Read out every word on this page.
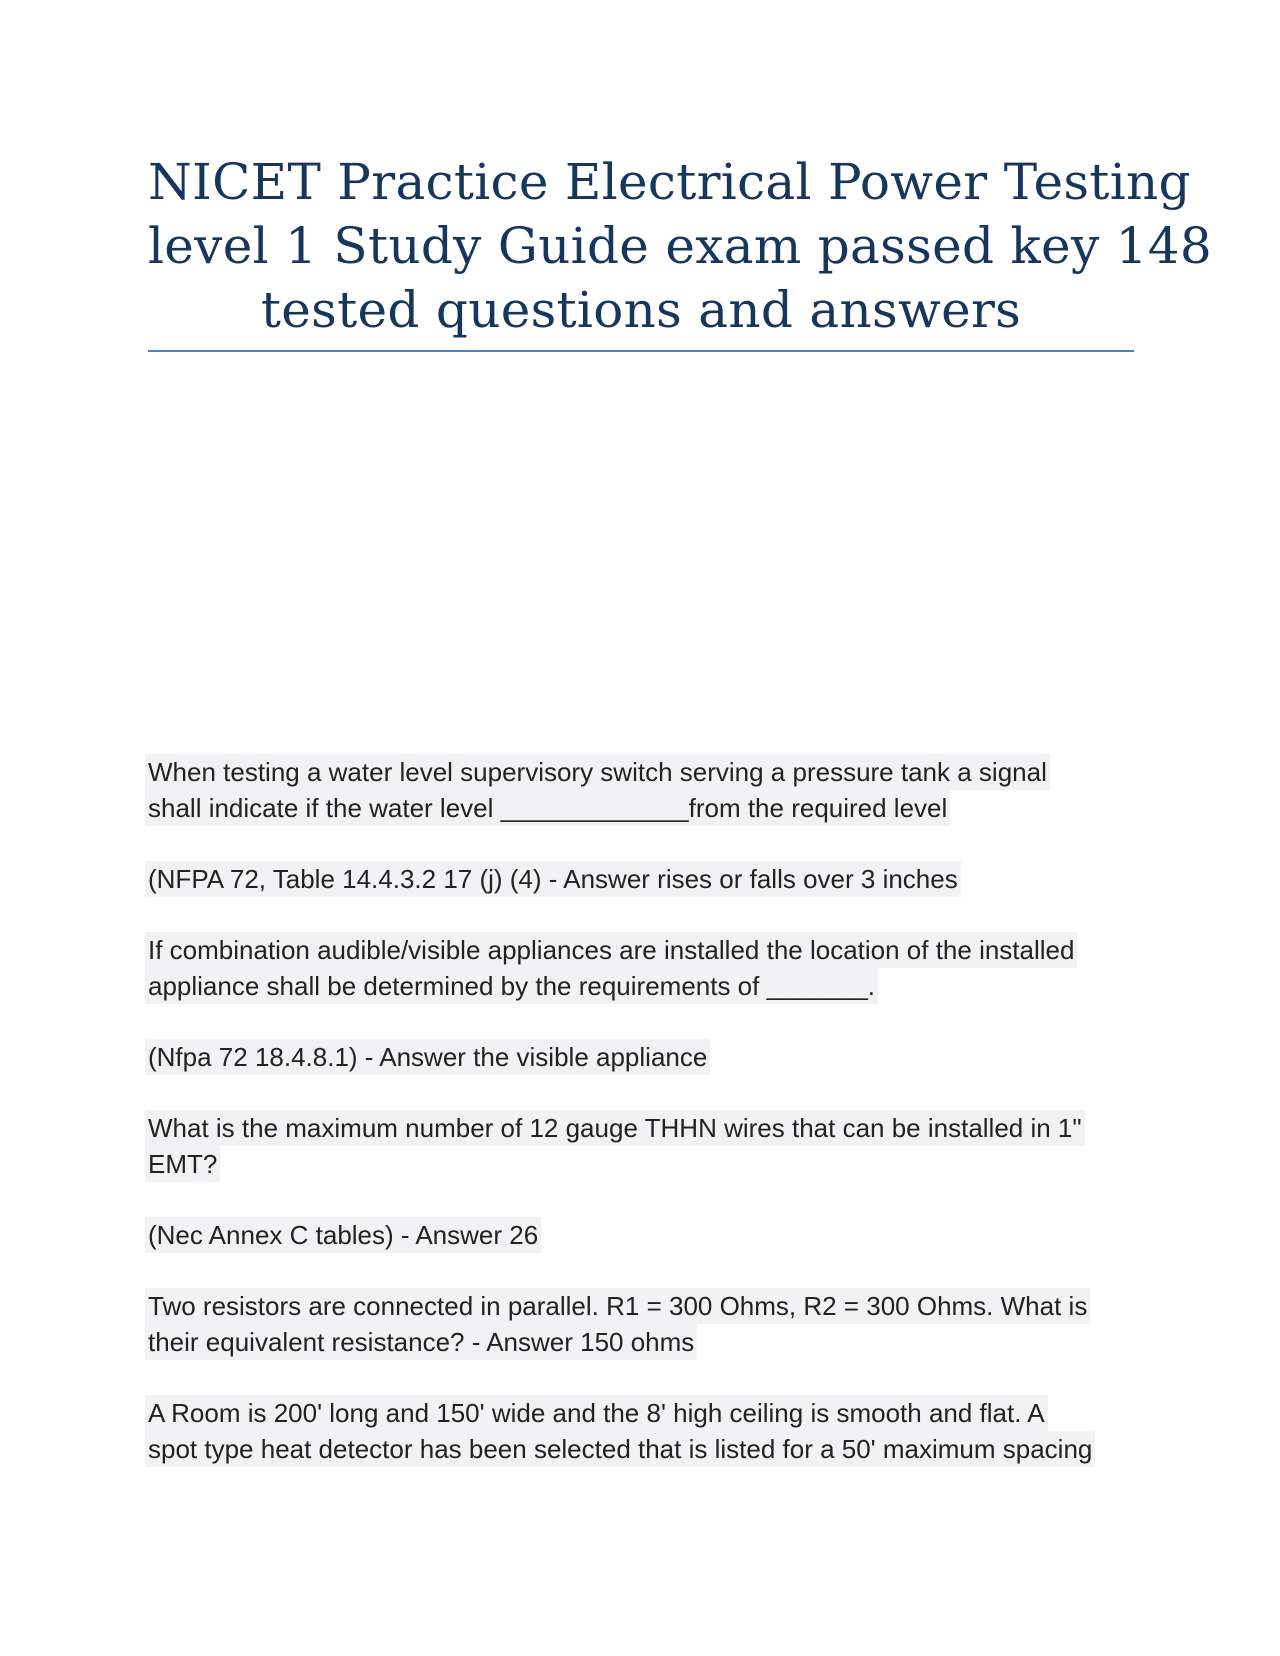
NICET Practice Electrical Power Testing
level 1 Study Guide exam passed key 148
tested questions and answers
When testing a water level supervisory switch serving a pressure tank a signal
shall indicate if the water level _____________from the required level
(NFPA 72, Table 14.4.3.2 17 (j) (4) - Answer rises or falls over 3 inches
If combination audible/visible appliances are installed the location of the installed
appliance shall be determined by the requirements of _______.
(Nfpa 72 18.4.8.1) - Answer the visible appliance
What is the maximum number of 12 gauge THHN wires that can be installed in 1"
EMT?
(Nec Annex C tables) - Answer 26
Two resistors are connected in parallel. R1 = 300 Ohms, R2 = 300 Ohms. What is
their equivalent resistance? - Answer 150 ohms
A Room is 200' long and 150' wide and the 8' high ceiling is smooth and flat. A
spot type heat detector has been selected that is listed for a 50' maximum spacing
